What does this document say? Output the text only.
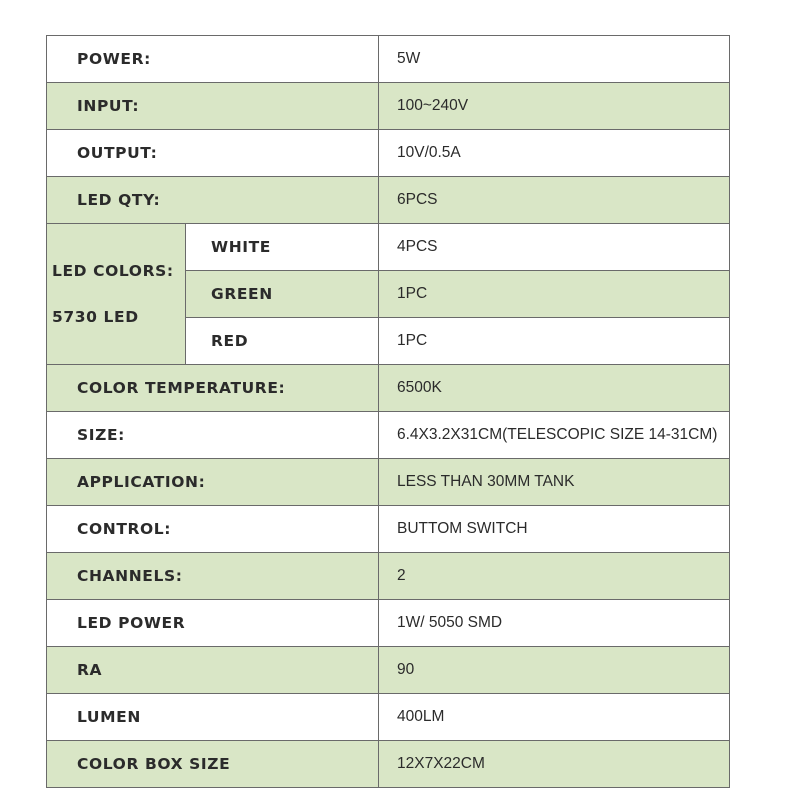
POWER:		5W
INPUT:		100~240V
OUTPUT:		10V/0.5A
LED QTY:		6PCS

LED COLORS:
5730 LED	WHITE	4PCS
	GREEN	1PC
	RED	1PC
COLOR TEMPERATURE:		6500K
SIZE:		6.4X3.2X31CM(TELESCOPIC SIZE 14-31CM)
APPLICATION:		LESS THAN 30MM TANK
CONTROL:		BUTTOM SWITCH
CHANNELS:		2
LED POWER		1W/ 5050 SMD
RA		90
LUMEN		400LM
COLOR BOX SIZE		12X7X22CM
